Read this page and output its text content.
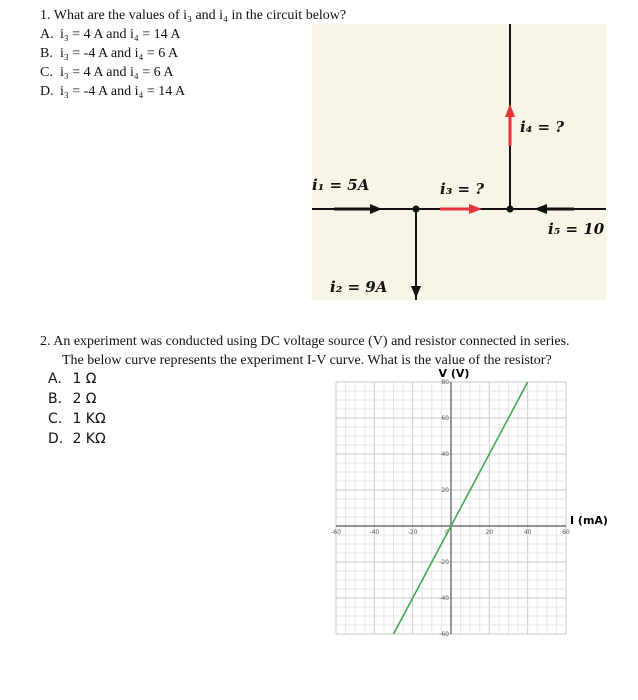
1. What are the values of i₃ and i₄ in the circuit below?
A. i₃ = 4 A and i₄ = 14 A
B. i₃ = -4 A and i₄ = 6 A
C. i₃ = 4 A and i₄ = 6 A
D. i₃ = -4 A and i₄ = 14 A
i₁ = 5A	i₃ = ?
i₄ = ?
i₅ = 10
i₂ = 9A
2. An experiment was conducted using DC voltage source (V) and resistor connected in series.
The below curve represents the experiment I-V curve. What is the value of the resistor?
A. 1 Ω
B. 2 Ω
C. 1 KΩ
D. 2 KΩ
-60	-40	-20	20	40	60
80
60
40
20
-20
-40
-60
0
V (V)
I (mA)
